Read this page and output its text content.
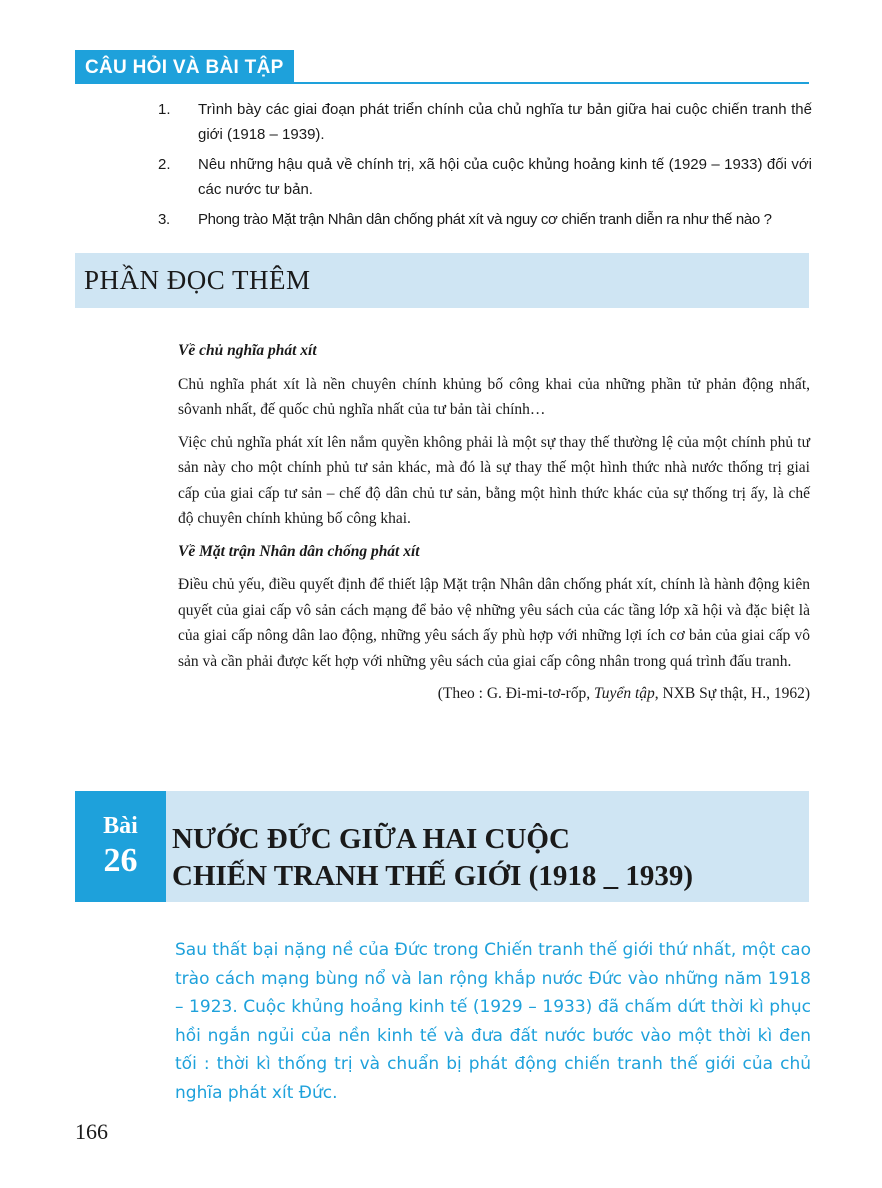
CÂU HỎI VÀ BÀI TẬP
1. Trình bày các giai đoạn phát triển chính của chủ nghĩa tư bản giữa hai cuộc chiến tranh thế giới (1918 – 1939).
2. Nêu những hậu quả về chính trị, xã hội của cuộc khủng hoảng kinh tế (1929 – 1933) đối với các nước tư bản.
3. Phong trào Mặt trận Nhân dân chống phát xít và nguy cơ chiến tranh diễn ra như thế nào ?
PHẦN ĐỌC THÊM

Về chủ nghĩa phát xít

Chủ nghĩa phát xít là nền chuyên chính khủng bố công khai của những phần tử phản động nhất, sôvanh nhất, đế quốc chủ nghĩa nhất của tư bản tài chính…

Việc chủ nghĩa phát xít lên nắm quyền không phải là một sự thay thế thường lệ của một chính phủ tư sản này cho một chính phủ tư sản khác, mà đó là sự thay thế một hình thức nhà nước thống trị giai cấp của giai cấp tư sản – chế độ dân chủ tư sản, bằng một hình thức khác của sự thống trị ấy, là chế độ chuyên chính khủng bố công khai.

Về Mặt trận Nhân dân chống phát xít

Điều chủ yếu, điều quyết định để thiết lập Mặt trận Nhân dân chống phát xít, chính là hành động kiên quyết của giai cấp vô sản cách mạng để bảo vệ những yêu sách của các tầng lớp xã hội và đặc biệt là của giai cấp nông dân lao động, những yêu sách ấy phù hợp với những lợi ích cơ bản của giai cấp vô sản và cần phải được kết hợp với những yêu sách của giai cấp công nhân trong quá trình đấu tranh.

(Theo : G. Đi-mi-tơ-rốp, Tuyển tập, NXB Sự thật, H., 1962)

Bài
26
NƯỚC ĐỨC GIỮA HAI CUỘC
CHIẾN TRANH THẾ GIỚI (1918 _ 1939)
Sau thất bại nặng nề của Đức trong Chiến tranh thế giới thứ nhất, một cao trào cách mạng bùng nổ và lan rộng khắp nước Đức vào những năm 1918 – 1923. Cuộc khủng hoảng kinh tế (1929 – 1933) đã chấm dứt thời kì phục hồi ngắn ngủi của nền kinh tế và đưa đất nước bước vào một thời kì đen tối : thời kì thống trị và chuẩn bị phát động chiến tranh thế giới của chủ nghĩa phát xít Đức.
166
